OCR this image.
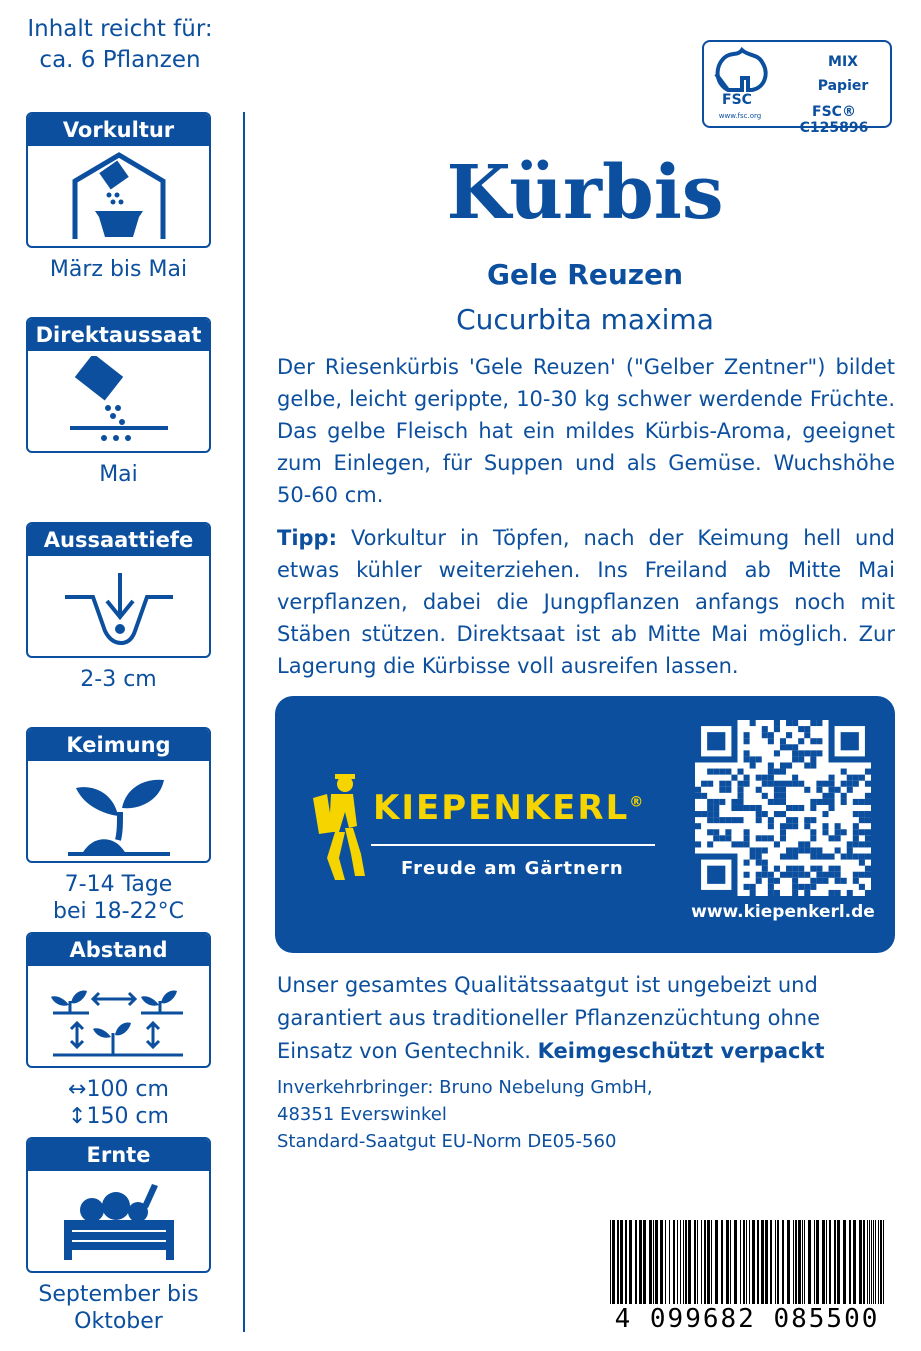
Inhalt reicht für:
ca. 6 Pflanzen
Vorkultur
März bis Mai
Direktaussaat
Mai
Aussaattiefe
2-3 cm
Keimung
7-14 Tage
bei 18-22°C
Abstand
↔100 cm
↕150 cm
Ernte
September bis
Oktober
FSC
www.fsc.org
MIX
Papier
FSC® C125896
Kürbis
Gele Reuzen
Cucurbita maxima
Der Riesenkürbis 'Gele Reuzen' ("Gelber Zentner") bildet gelbe, leicht gerippte, 10-30 kg schwer werdende Früchte. Das gelbe Fleisch hat ein mildes Kürbis-Aroma, geeignet zum Einlegen, für Suppen und als Gemüse. Wuchshöhe 50-60 cm.
Tipp: Vorkultur in Töpfen, nach der Keimung hell und etwas kühler weiterziehen. Ins Freiland ab Mitte Mai verpflanzen, dabei die Jungpflanzen anfangs noch mit Stäben stützen. Direktsaat ist ab Mitte Mai möglich. Zur Lagerung die Kürbisse voll ausreifen lassen.
KIEPENKERL®
Freude am Gärtnern
www.kiepenkerl.de
Unser gesamtes Qualitätssaatgut ist ungebeizt und garantiert aus traditioneller Pflanzenzüchtung ohne Einsatz von Gentechnik. Keimgeschützt verpackt
Inverkehrbringer: Bruno Nebelung GmbH,
48351 Everswinkel
Standard-Saatgut EU-Norm DE05-560
4 099682 085500
